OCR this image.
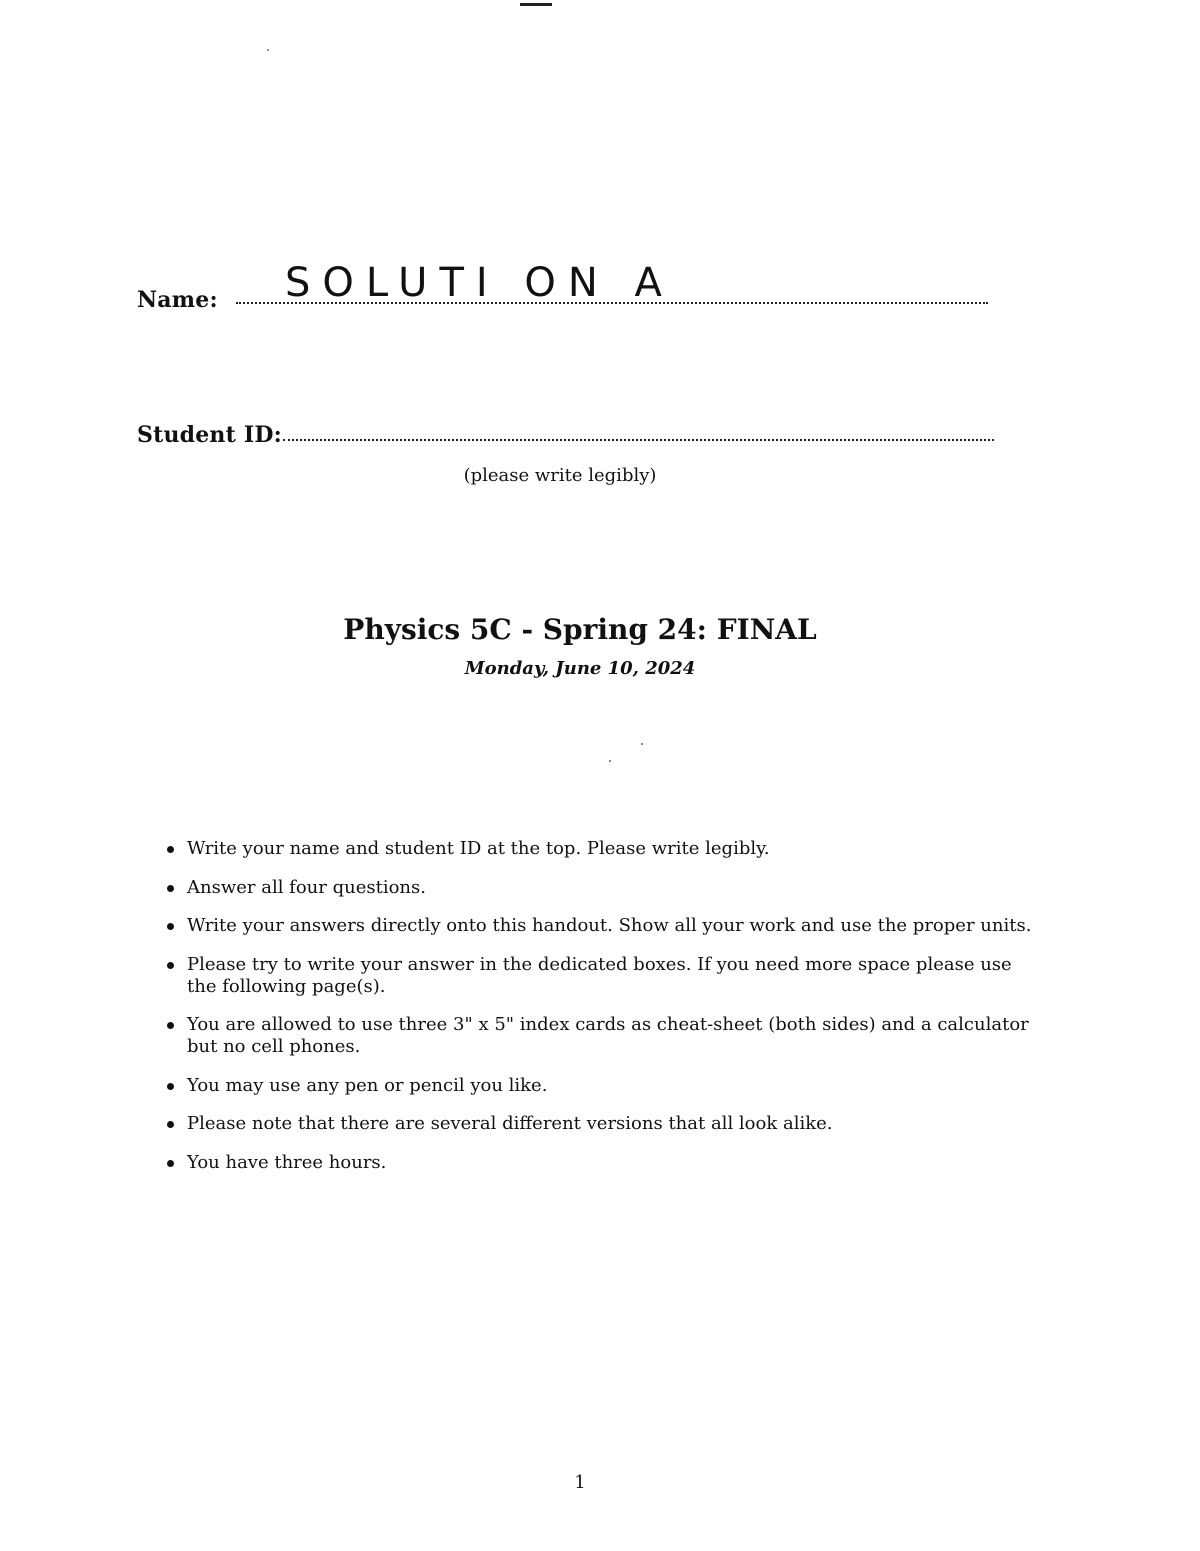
Name: SOLUTI ON A
Student ID:
(please write legibly)
Physics 5C - Spring 24: FINAL
Monday, June 10, 2024
Write your name and student ID at the top. Please write legibly.
Answer all four questions.
Write your answers directly onto this handout. Show all your work and use the proper units.
Please try to write your answer in the dedicated boxes. If you need more space please use the following page(s).
You are allowed to use three 3" x 5" index cards as cheat-sheet (both sides) and a calculator but no cell phones.
You may use any pen or pencil you like.
Please note that there are several different versions that all look alike.
You have three hours.
1
